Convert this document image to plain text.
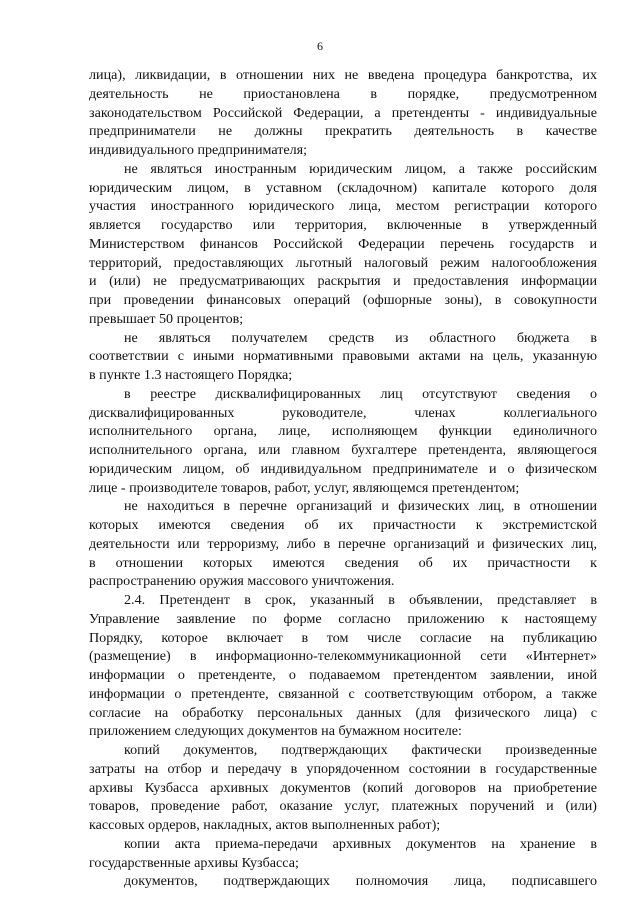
6
лица), ликвидации, в отношении них не введена процедура банкротства, их
деятельность не приостановлена в порядке, предусмотренном
законодательством Российской Федерации, а претенденты - индивидуальные
предприниматели не должны прекратить деятельность в качестве
индивидуального предпринимателя;
не являться иностранным юридическим лицом, а также российским
юридическим лицом, в уставном (складочном) капитале которого доля
участия иностранного юридического лица, местом регистрации которого
является государство или территория, включенные в утвержденный
Министерством финансов Российской Федерации перечень государств и
территорий, предоставляющих льготный налоговый режим налогообложения
и (или) не предусматривающих раскрытия и предоставления информации
при проведении финансовых операций (офшорные зоны), в совокупности
превышает 50 процентов;
не являться получателем средств из областного бюджета в
соответствии с иными нормативными правовыми актами на цель, указанную
в пункте 1.3 настоящего Порядка;
в реестре дисквалифицированных лиц отсутствуют сведения о
дисквалифицированных руководителе, членах коллегиального
исполнительного органа, лице, исполняющем функции единоличного
исполнительного органа, или главном бухгалтере претендента, являющегося
юридическим лицом, об индивидуальном предпринимателе и о физическом
лице - производителе товаров, работ, услуг, являющемся претендентом;
не находиться в перечне организаций и физических лиц, в отношении
которых имеются сведения об их причастности к экстремистской
деятельности или терроризму, либо в перечне организаций и физических лиц,
в отношении которых имеются сведения об их причастности к
распространению оружия массового уничтожения.
2.4. Претендент в срок, указанный в объявлении, представляет в
Управление заявление по форме согласно приложению к настоящему
Порядку, которое включает в том числе согласие на публикацию
(размещение) в информационно-телекоммуникационной сети «Интернет»
информации о претенденте, о подаваемом претендентом заявлении, иной
информации о претенденте, связанной с соответствующим отбором, а также
согласие на обработку персональных данных (для физического лица) с
приложением следующих документов на бумажном носителе:
копий документов, подтверждающих фактически произведенные
затраты на отбор и передачу в упорядоченном состоянии в государственные
архивы Кузбасса архивных документов (копий договоров на приобретение
товаров, проведение работ, оказание услуг, платежных поручений и (или)
кассовых ордеров, накладных, актов выполненных работ);
копии акта приема-передачи архивных документов на хранение в
государственные архивы Кузбасса;
документов, подтверждающих полномочия лица, подписавшего
